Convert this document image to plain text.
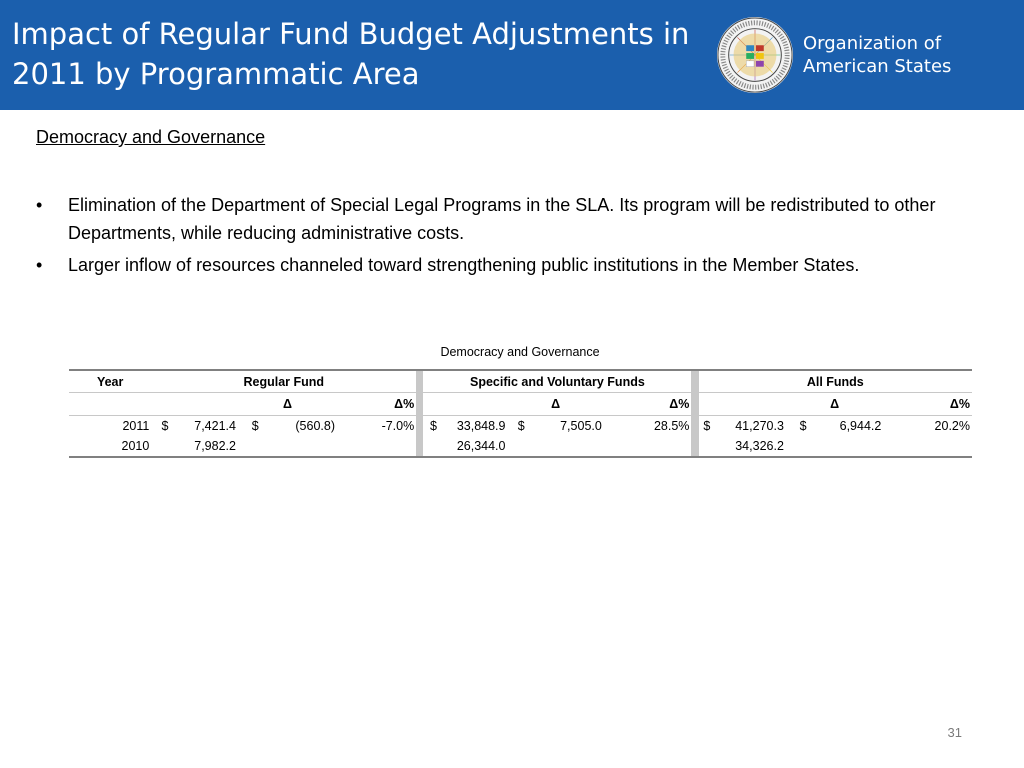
Impact of Regular Fund Budget Adjustments in
2011 by Programmatic Area
Organization of
American States
Democracy and Governance
• Elimination of the Department of Special Legal Programs in the SLA. Its program will be redistributed to other Departments, while reducing administrative costs.
• Larger inflow of resources channeled toward strengthening public institutions in the Member States.
Democracy and Governance
Year	Regular Fund						Specific and Voluntary Funds						All Funds				
			Δ		Δ%				Δ		Δ%				Δ		Δ%
2011	$	7,421.4	$	(560.8)	-7.0%		$	33,848.9	$	7,505.0	28.5%		$	41,270.3	$	6,944.2	20.2%
2010		7,982.2						26,344.0						34,326.2			
31
